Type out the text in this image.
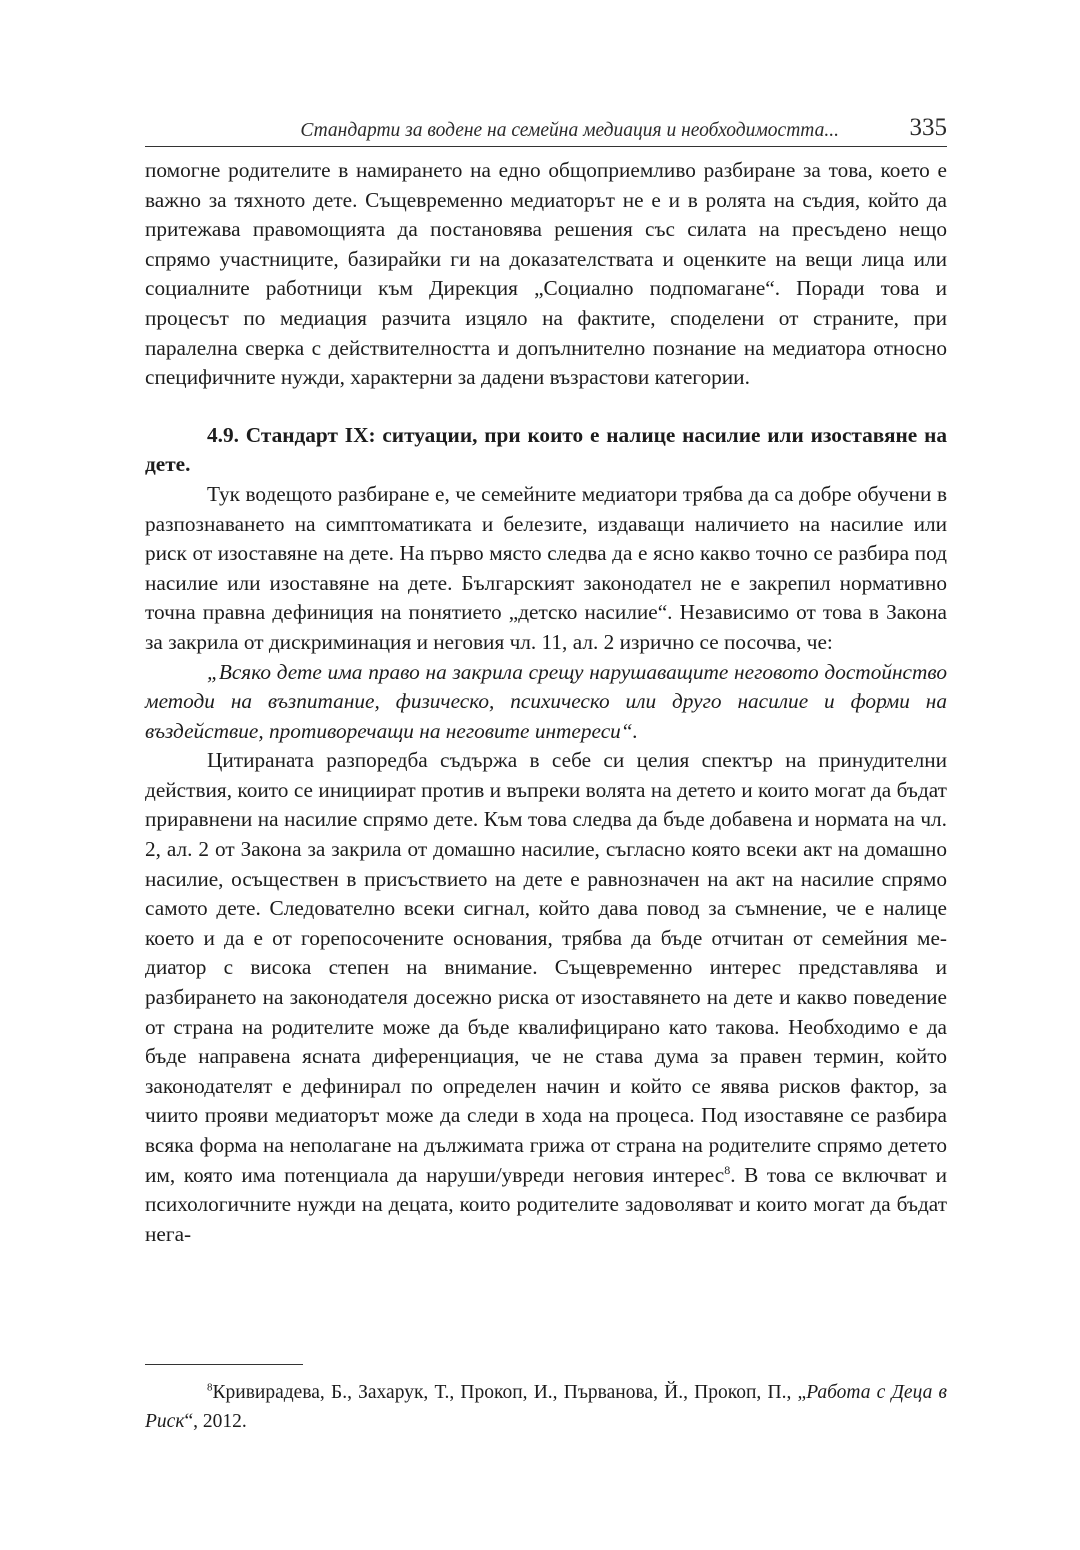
Стандарти за водене на семейна медиация и необходимостта...	335

помогне родителите в намирането на едно общоприемливо разбиране за това, което е важно за тяхното дете. Същевременно медиаторът не е и в ролята на съдия, който да притежава правомощията да постановява решения със силата на пресъдено нещо спрямо участниците, базирайки ги на доказателствата и оценките на вещи лица или социалните работници към Дирекция „Социално подпомагане“. Поради това и процесът по медиация разчита изцяло на фактите, споделени от страните, при паралелна сверка с действителността и допълнително познание на медиатора относно специфичните нужди, характерни за дадени възрастови категории.

4.9. Стандарт IX: ситуации, при които е налице насилие или изоставяне на дете.

Тук водещото разбиране е, че семейните медиатори трябва да са добре обучени в разпознаването на симптоматиката и белезите, издаващи наличието на насилие или риск от изоставяне на дете. На първо място следва да е ясно какво точно се разбира под насилие или изоставяне на дете. Българският законодател не е закрепил нормативно точна правна дефиниция на понятието „детско насилие“. Независимо от това в Закона за закрила от дискриминация и неговия чл. 11, ал. 2 изрично се посочва, че:

„Всяко дете има право на закрила срещу нарушаващите неговото достойнство методи на възпитание, физическо, психическо или друго насилие и форми на въздействие, противоречащи на неговите интереси“.

Цитираната разпоредба съдържа в себе си целия спектър на принудителни действия, които се инициират против и въпреки волята на детето и които могат да бъдат приравнени на насилие спрямо дете. Към това следва да бъде добавена и нормата на чл. 2, ал. 2 от Закона за закрила от домашно насилие, съгласно която всеки акт на домашно насилие, осъществен в присъствието на дете е равнозначен на акт на насилие спрямо самото дете. Следователно всеки сигнал, който дава повод за съмнение, че е налице което и да е от горепосочените основания, трябва да бъде отчитан от семейния медиатор с висока степен на внимание. Същевременно интерес представлява и разбирането на законодателя досежно риска от изоставянето на дете и какво поведение от страна на родителите може да бъде квалифицирано като такова. Необходимо е да бъде направена ясната диференциация, че не става дума за правен термин, който законодателят е дефинирал по определен начин и който се явява рисков фактор, за чиито прояви медиаторът може да следи в хода на процеса. Под изоставяне се разбира всяка форма на неполагане на дължимата грижа от страна на родителите спрямо детето им, която има потенциала да наруши/увреди неговия интерес$^8$. В това се включват и психологичните нужди на децата, които родителите задоволяват и които могат да бъдат нега-

$^8$Кривирадева, Б., Захарук, Т., Прокоп, И., Първанова, Й., Прокоп, П., „Работа с Деца в Риск“, 2012.
